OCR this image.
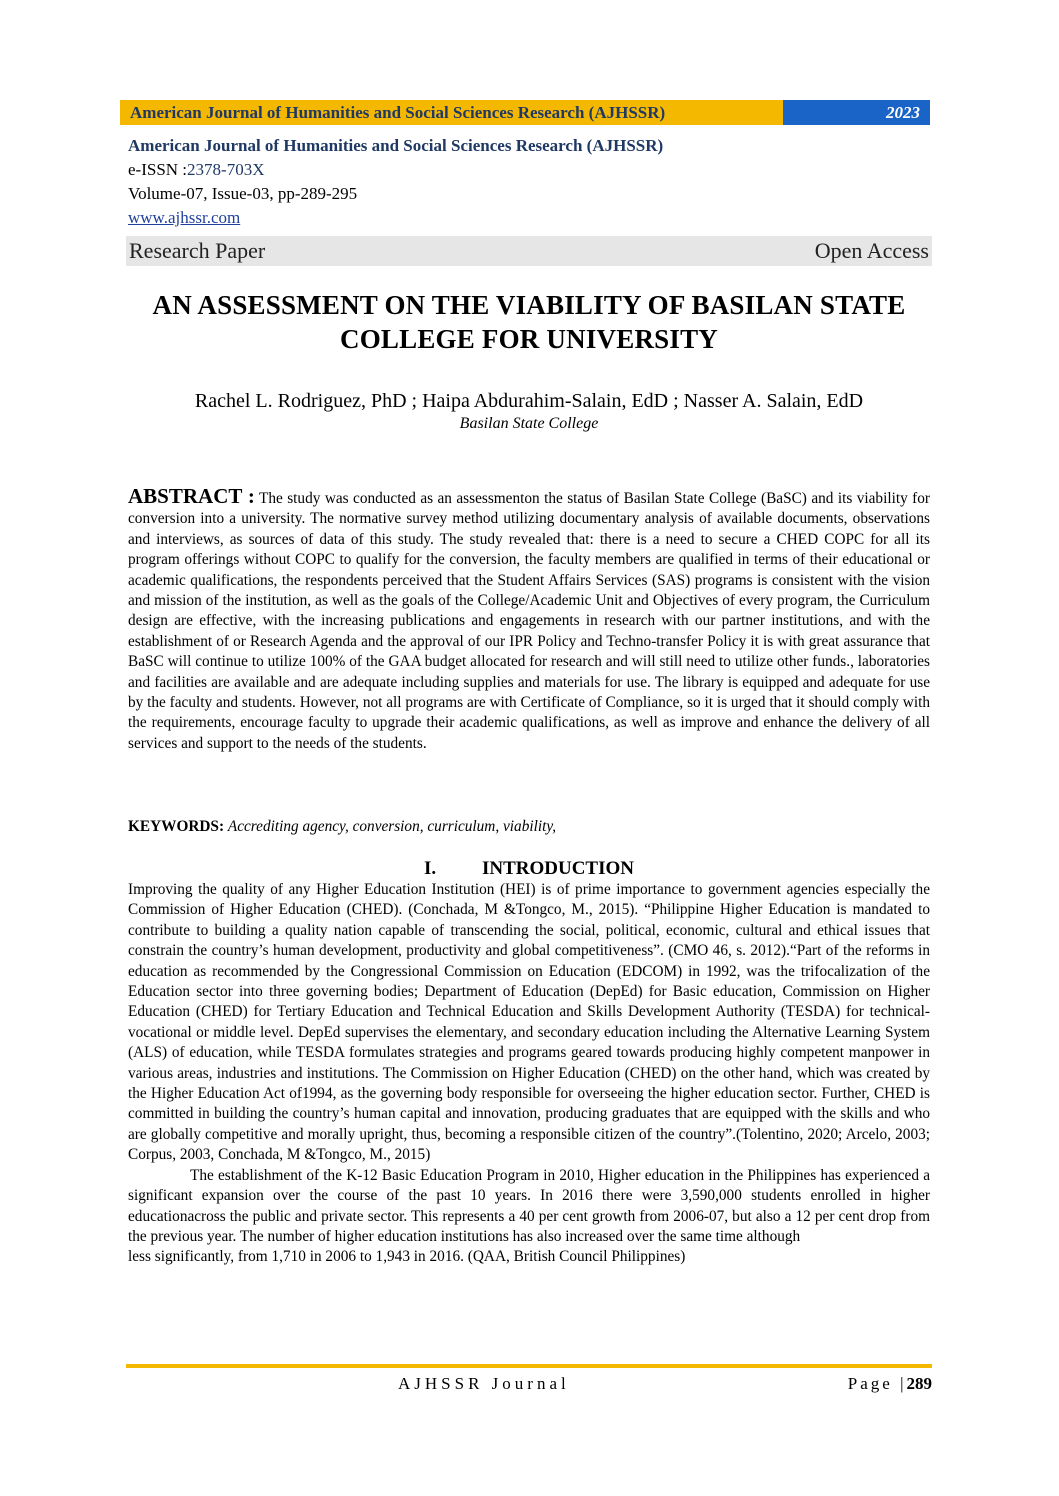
American Journal of Humanities and Social Sciences Research (AJHSSR)	2023
American Journal of Humanities and Social Sciences Research (AJHSSR)
e-ISSN :2378-703X
Volume-07, Issue-03, pp-289-295
www.ajhssr.com
Research Paper	Open Access
AN ASSESSMENT ON THE VIABILITY OF BASILAN STATE
COLLEGE FOR UNIVERSITY
Rachel L. Rodriguez, PhD ; Haipa Abdurahim-Salain, EdD ; Nasser A. Salain, EdD
Basilan State College
ABSTRACT : The study was conducted as an assessmenton the status of Basilan State College (BaSC) and its viability for conversion into a university. The normative survey method utilizing documentary analysis of available documents, observations and interviews, as sources of data of this study. The study revealed that: there is a need to secure a CHED COPC for all its program offerings without COPC to qualify for the conversion, the faculty members are qualified in terms of their educational or academic qualifications, the respondents perceived that the Student Affairs Services (SAS) programs is consistent with the vision and mission of the institution, as well as the goals of the College/Academic Unit and Objectives of every program, the Curriculum design are effective, with the increasing publications and engagements in research with our partner institutions, and with the establishment of or Research Agenda and the approval of our IPR Policy and Techno-transfer Policy it is with great assurance that BaSC will continue to utilize 100% of the GAA budget allocated for research and will still need to utilize other funds., laboratories and facilities are available and are adequate including supplies and materials for use. The library is equipped and adequate for use by the faculty and students. However, not all programs are with Certificate of Compliance, so it is urged that it should comply with the requirements, encourage faculty to upgrade their academic qualifications, as well as improve and enhance the delivery of all services and support to the needs of the students.
KEYWORDS: Accrediting agency, conversion, curriculum, viability,
I. INTRODUCTION

Improving the quality of any Higher Education Institution (HEI) is of prime importance to government agencies especially the Commission of Higher Education (CHED). (Conchada, M &Tongco, M., 2015). “Philippine Higher Education is mandated to contribute to building a quality nation capable of transcending the social, political, economic, cultural and ethical issues that constrain the country’s human development, productivity and global competitiveness”. (CMO 46, s. 2012).“Part of the reforms in education as recommended by the Congressional Commission on Education (EDCOM) in 1992, was the trifocalization of the Education sector into three governing bodies; Department of Education (DepEd) for Basic education, Commission on Higher Education (CHED) for Tertiary Education and Technical Education and Skills Development Authority (TESDA) for technical-vocational or middle level. DepEd supervises the elementary, and secondary education including the Alternative Learning System (ALS) of education, while TESDA formulates strategies and programs geared towards producing highly competent manpower in various areas, industries and institutions. The Commission on Higher Education (CHED) on the other hand, which was created by the Higher Education Act of1994, as the governing body responsible for overseeing the higher education sector. Further, CHED is committed in building the country’s human capital and innovation, producing graduates that are equipped with the skills and who are globally competitive and morally upright, thus, becoming a responsible citizen of the country”.(Tolentino, 2020; Arcelo, 2003; Corpus, 2003, Conchada, M &Tongco, M., 2015)

The establishment of the K-12 Basic Education Program in 2010, Higher education in the Philippines has experienced a significant expansion over the course of the past 10 years. In 2016 there were 3,590,000 students enrolled in higher educationacross the public and private sector. This represents a 40 per cent growth from 2006-07, but also a 12 per cent drop from the previous year. The number of higher education institutions has also increased over the same time although

less significantly, from 1,710 in 2006 to 1,943 in 2016. (QAA, British Council Philippines)

AJHSSR Journal	Page |289
